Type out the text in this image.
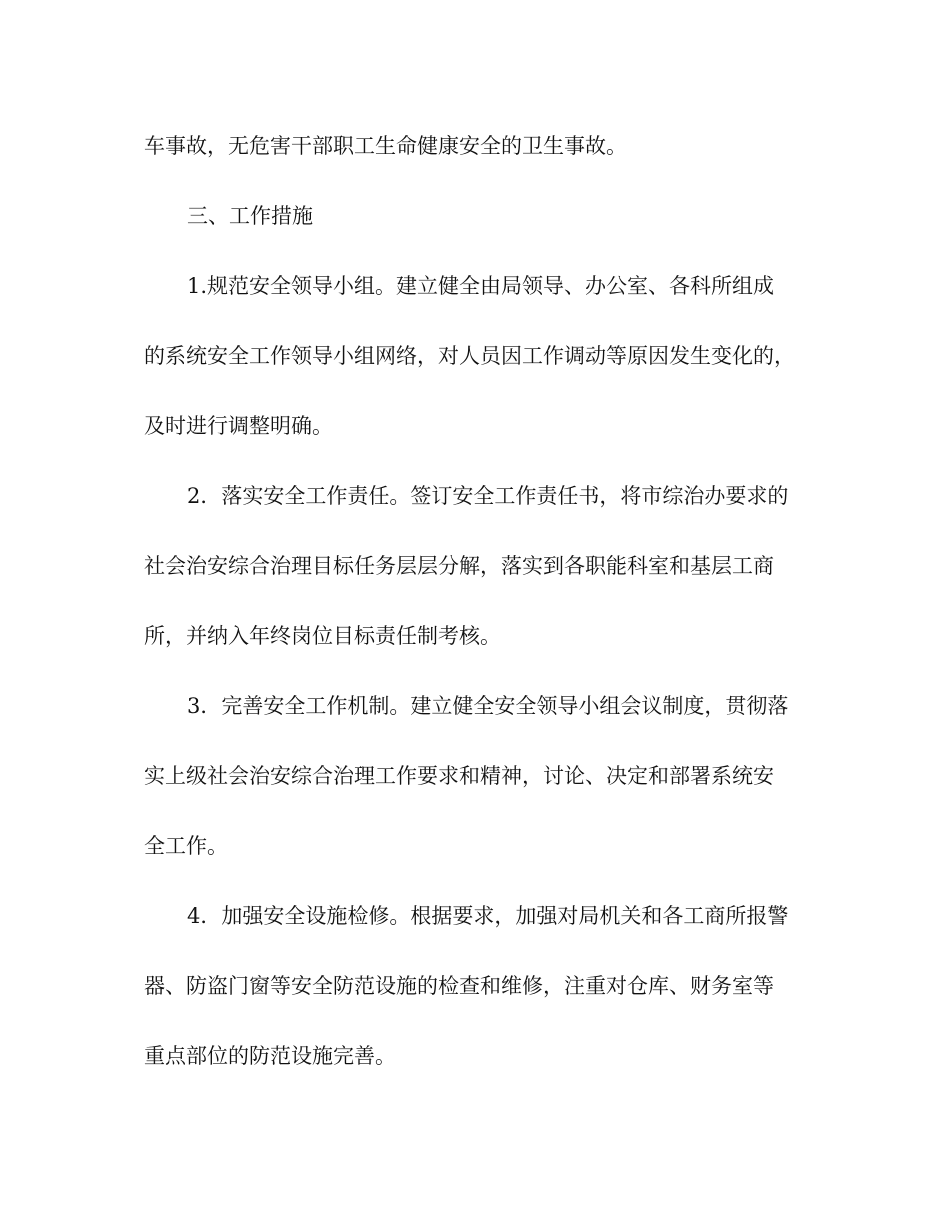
车事故，无危害干部职工生命健康安全的卫生事故。
三、工作措施
1.规范安全领导小组。建立健全由局领导、办公室、各科所组成
的系统安全工作领导小组网络，对人员因工作调动等原因发生变化的，
及时进行调整明确。
2．落实安全工作责任。签订安全工作责任书，将市综治办要求的
社会治安综合治理目标任务层层分解，落实到各职能科室和基层工商
所，并纳入年终岗位目标责任制考核。
3．完善安全工作机制。建立健全安全领导小组会议制度，贯彻落
实上级社会治安综合治理工作要求和精神，讨论、决定和部署系统安
全工作。
4．加强安全设施检修。根据要求，加强对局机关和各工商所报警
器、防盗门窗等安全防范设施的检查和维修，注重对仓库、财务室等
重点部位的防范设施完善。
